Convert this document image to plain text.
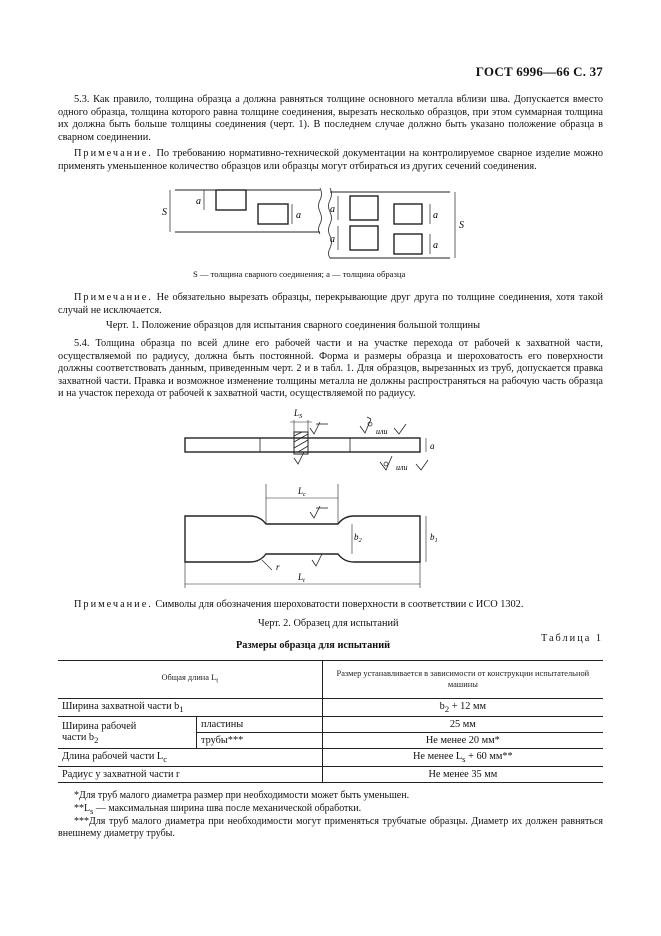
ГОСТ 6996—66 С. 37
5.3. Как правило, толщина образца a должна равняться толщине основного металла вблизи шва. Допускается вместо одного образца, толщина которого равна толщине соединения, вырезать несколько образцов, при этом суммарная толщина их должна быть больше толщины соединения (черт. 1). В последнем случае должно быть указано положение образца в сварном соединении.
Примечание. По требованию нормативно-технической документации на контролируемое сварное изделие можно применять уменьшенное количество образцов или образцы могут отбираться из других сечений соединения.
S
a
a
a
a
a
a
S
S — толщина сварного соединения; a — толщина образца
Примечание. Не обязательно вырезать образцы, перекрывающие друг друга по толщине соединения, хотя такой случай не исключается.
Черт. 1. Положение образцов для испытания сварного соединения большой толщины
5.4. Толщина образца по всей длине его рабочей части и на участке перехода от рабочей к захватной части, осуществляемой по радиусу, должна быть постоянной. Форма и размеры образца и шероховатость его поверхности должны соответствовать данным, приведенным черт. 2 и в табл. 1. Для образцов, вырезанных из труб, допускается правка захватной части. Правка и возможное изменение толщины металла не должны распространяться на рабочую часть образца и на участок перехода от рабочей к захватной части, осуществляемой по радиусу.
$L_S$
или
или
a
$L_c$
$L_t$
$b_1$
$b_2$
r
Примечание. Символы для обозначения шероховатости поверхности в соответствии с ИСО 1302.
Черт. 2. Образец для испытаний
Таблица 1
Размеры образца для испытаний
Общая длина $L_t$		Размер устанавливается в зависимости от конструкции испытательной машины
Ширина захватной части $b_1$		$b_2 + 12$ мм
Ширина рабочей
части $b_2$	пластины	25 мм
	трубы***	Не менее 20 мм*
Длина рабочей части $L_c$		Не менее $L_s + 60$ мм**
Радиус у захватной части r		Не менее 35 мм
*Для труб малого диаметра размер при необходимости может быть уменьшен.
$**L_s$ — максимальная ширина шва после механической обработки.
***Для труб малого диаметра при необходимости могут применяться трубчатые образцы. Диаметр их должен равняться внешнему диаметру трубы.
